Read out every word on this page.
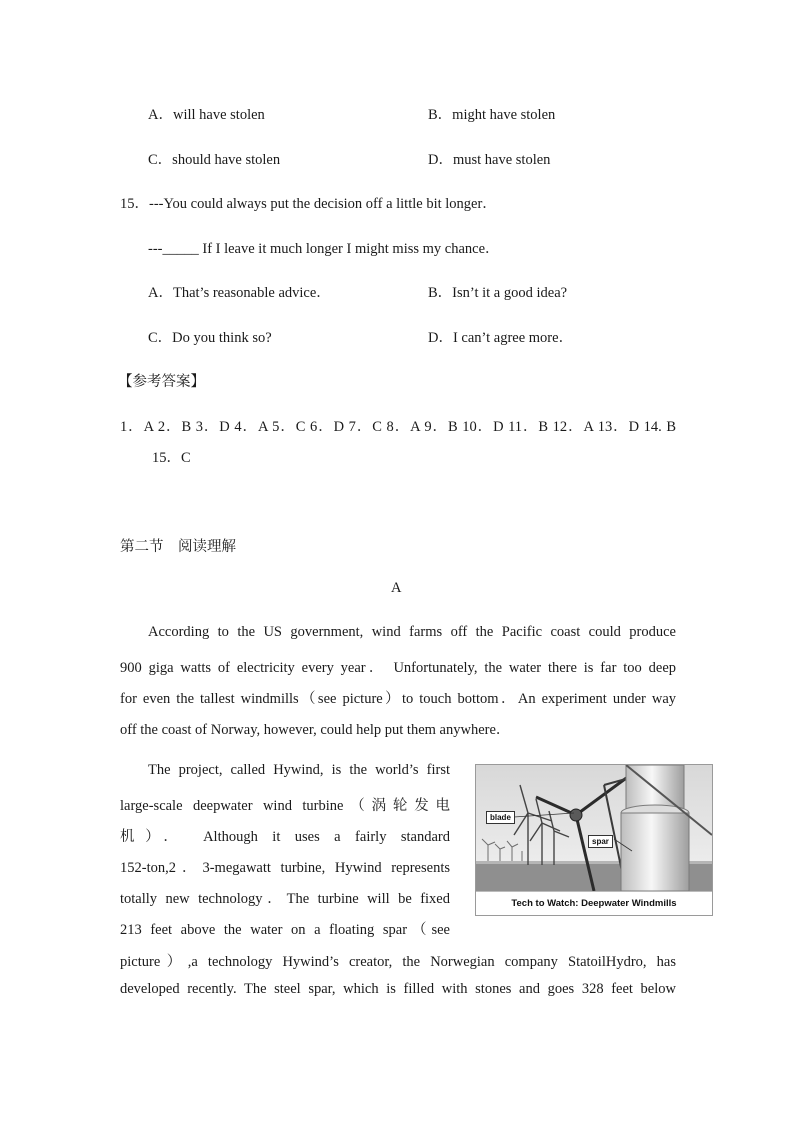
A．will have stolen	B．might have stolen
C．should have stolen	D．must have stolen
15．---You could always put the decision off a little bit longer．
---_____ If I leave it much longer I might miss my chance．
A．That’s reasonable advice．	B．Isn’t it a good idea?
C．Do you think so?	D．I can’t agree more．
【参考答案】
1．A 2．B 3．D 4．A 5．C 6．D 7．C 8．A 9．B 10．D 11．B 12．A 13．D 14. B
15．C
第二节　阅读理解
A
According to the US government, wind farms off the Pacific coast could produce
900 giga watts of electricity every year． Unfortunately, the water there is far too deep
for even the tallest windmills（see picture）to touch bottom．An experiment under way
off the coast of Norway, however, could help put them anywhere．
The project, called Hywind, is the world’s first
large-scale deepwater wind turbine（涡轮发电
机）． Although it uses a fairly standard
152-ton,2．3-megawatt turbine, Hywind represents
totally new technology．The turbine will be fixed
213 feet above the water on a floating spar（see
picture）,a technology Hywind’s creator, the Norwegian company StatoilHydro, has
developed recently. The steel spar, which is filled with stones and goes 328 feet below
blade
spar
Tech to Watch: Deepwater Windmills
